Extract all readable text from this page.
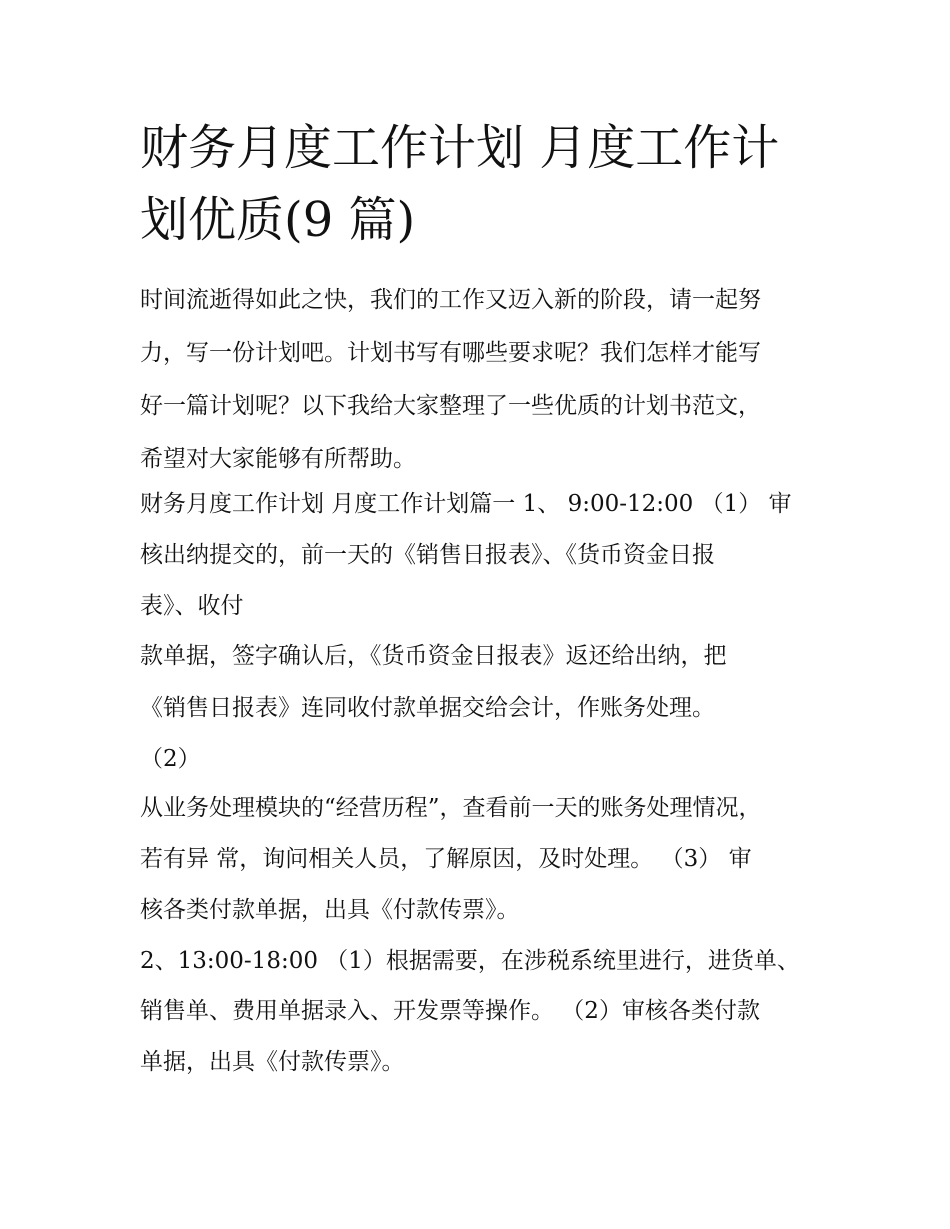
财务月度工作计划 月度工作计
划优质(9 篇)
时间流逝得如此之快，我们的工作又迈入新的阶段，请一起努
力，写一份计划吧。计划书写有哪些要求呢？我们怎样才能写
好一篇计划呢？以下我给大家整理了一些优质的计划书范文，
希望对大家能够有所帮助。
财务月度工作计划 月度工作计划篇一 1、 9:00-12:00 （1） 审
核出纳提交的，前一天的《销售日报表》、《货币资金日报
表》、收付
款单据，签字确认后，《货币资金日报表》返还给出纳，把
《销售日报表》连同收付款单据交给会计，作账务处理。
（2）
从业务处理模块的“经营历程”，查看前一天的账务处理情况，
若有异 常，询问相关人员，了解原因，及时处理。 （3） 审
核各类付款单据，出具《付款传票》。
2、13:00-18:00 （1）根据需要，在涉税系统里进行，进货单、
销售单、费用单据录入、开发票等操作。 （2）审核各类付款
单据，出具《付款传票》。
